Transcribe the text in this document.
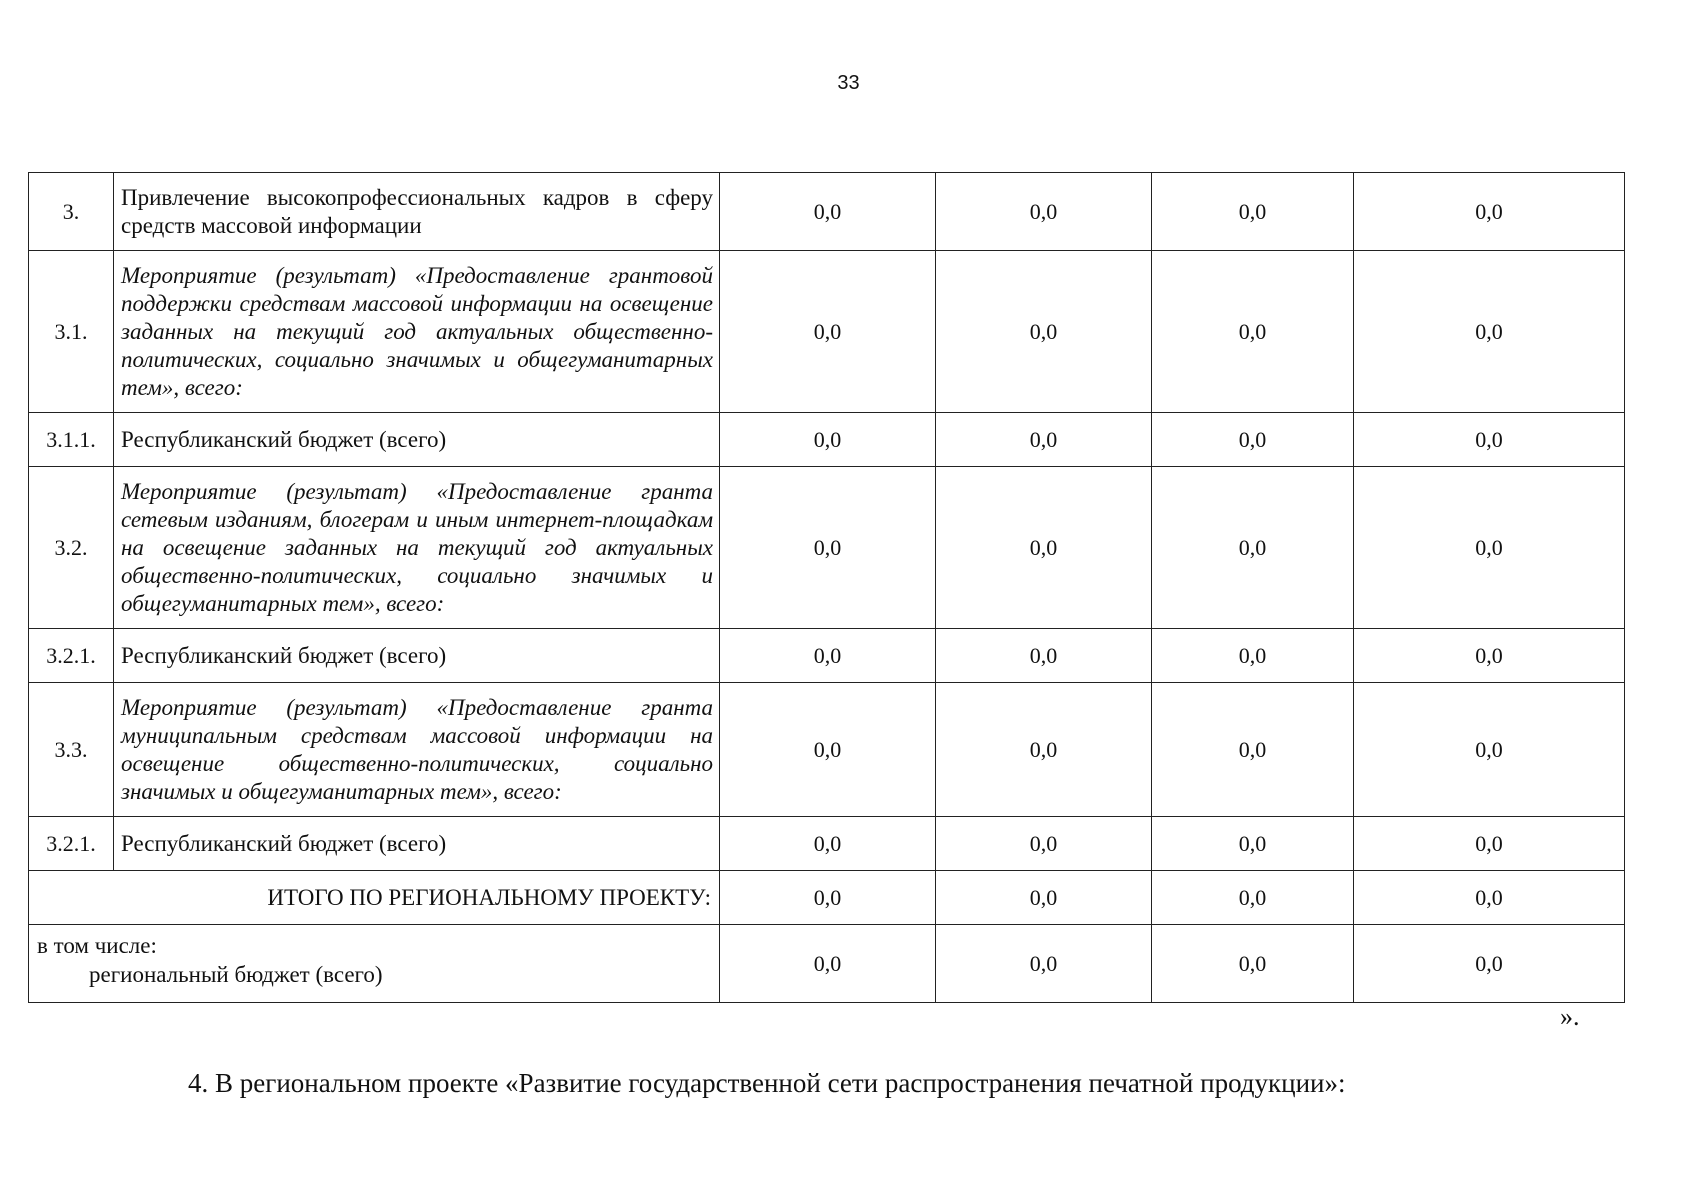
33
3.	Привлечение высокопрофессиональных кадров в сферу средств массовой информации	0,0	0,0	0,0	0,0
3.1.	Мероприятие (результат) «Предоставление грантовой поддержки средствам массовой информации на освещение заданных на текущий год актуальных общественно-политических, социально значимых и общегуманитарных тем», всего:	0,0	0,0	0,0	0,0
3.1.1.	Республиканский бюджет (всего)	0,0	0,0	0,0	0,0
3.2.	Мероприятие (результат) «Предоставление гранта сетевым изданиям, блогерам и иным интернет-площадкам на освещение заданных на текущий год актуальных общественно-политических, социально значимых и общегуманитарных тем», всего:	0,0	0,0	0,0	0,0
3.2.1.	Республиканский бюджет (всего)	0,0	0,0	0,0	0,0
3.3.	Мероприятие (результат) «Предоставление гранта муниципальным средствам массовой информации на освещение общественно-политических, социально значимых и общегуманитарных тем», всего:	0,0	0,0	0,0	0,0
3.2.1.	Республиканский бюджет (всего)	0,0	0,0	0,0	0,0
ИТОГО ПО РЕГИОНАЛЬНОМУ ПРОЕКТУ:		0,0	0,0	0,0	0,0

в том числе:
региональный бюджет (всего)		0,0	0,0	0,0	0,0
».
4. В региональном проекте «Развитие государственной сети распространения печатной продукции»:
